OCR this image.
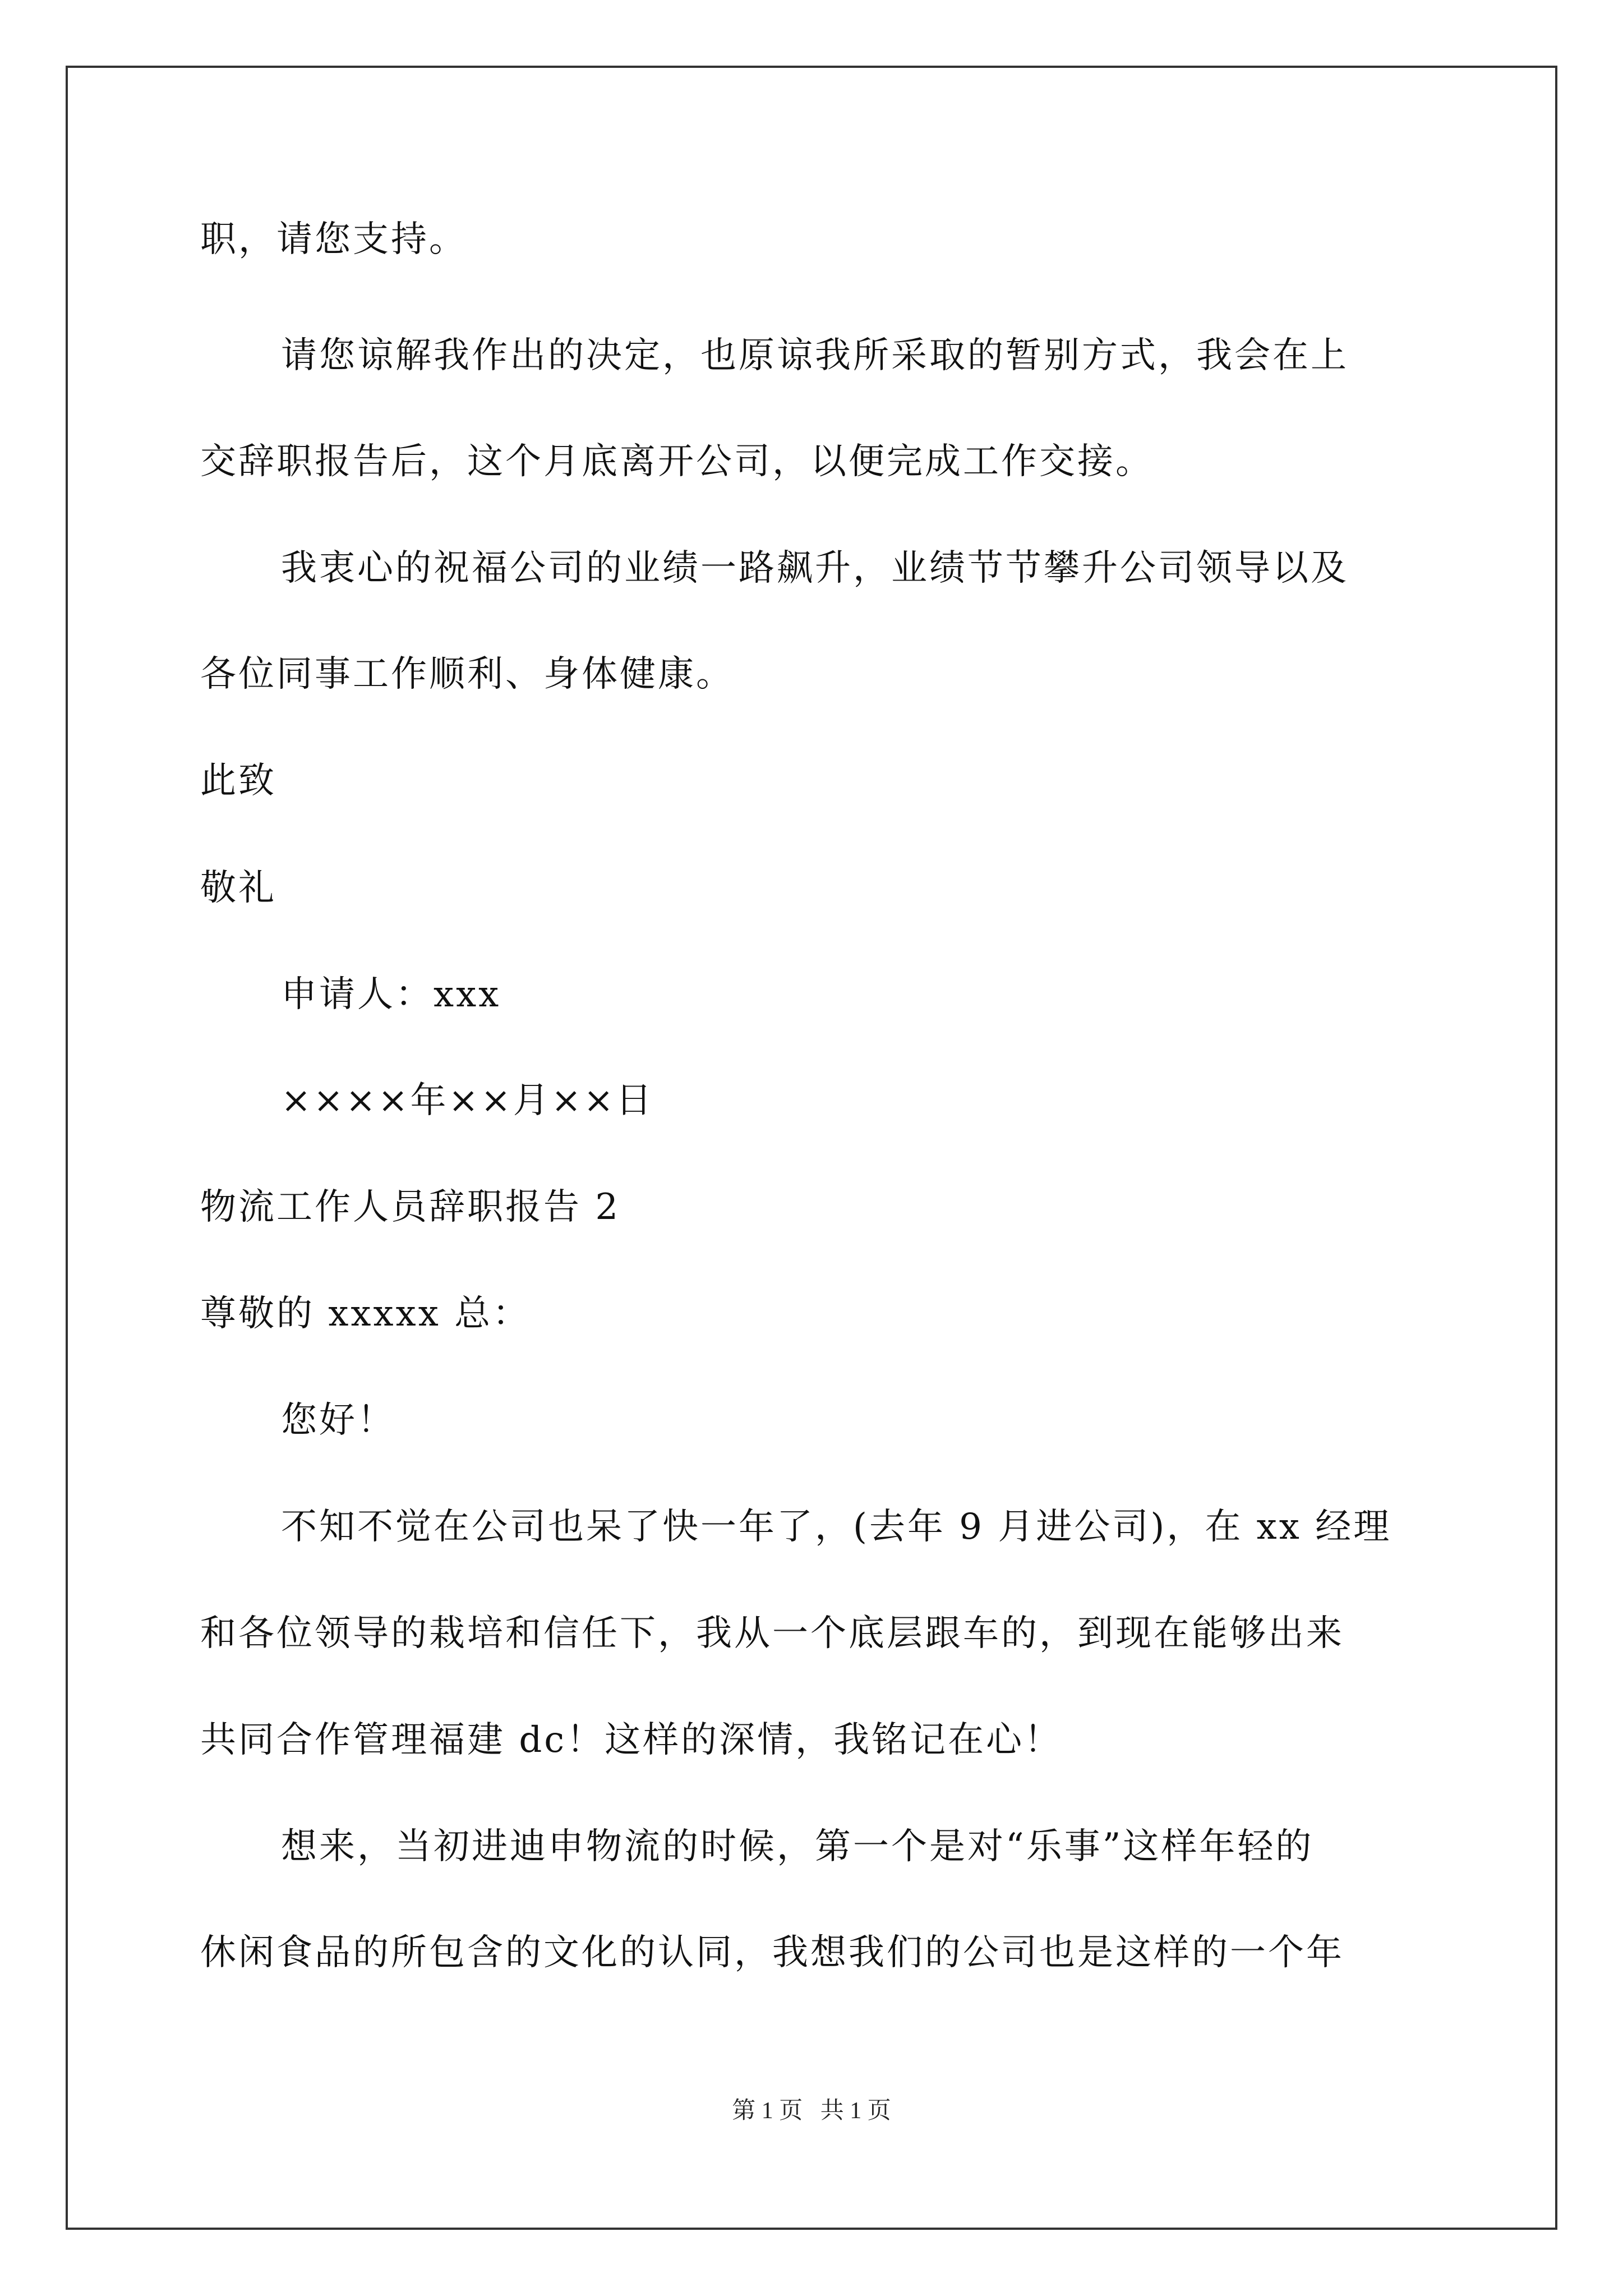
职，请您支持。
请您谅解我作出的决定，也原谅我所采取的暂别方式，我会在上
交辞职报告后，这个月底离开公司，以便完成工作交接。
我衷心的祝福公司的业绩一路飙升，业绩节节攀升公司领导以及
各位同事工作顺利、身体健康。
此致
敬礼
申请人：xxx
××××年××月××日
物流工作人员辞职报告 2
尊敬的 xxxxx 总：
您好！
不知不觉在公司也呆了快一年了，(去年 9 月进公司)，在 xx 经理
和各位领导的栽培和信任下，我从一个底层跟车的，到现在能够出来
共同合作管理福建 dc！这样的深情，我铭记在心！
想来，当初进迪申物流的时候，第一个是对“乐事”这样年轻的
休闲食品的所包含的文化的认同，我想我们的公司也是这样的一个年
第 1 页   共 1 页
